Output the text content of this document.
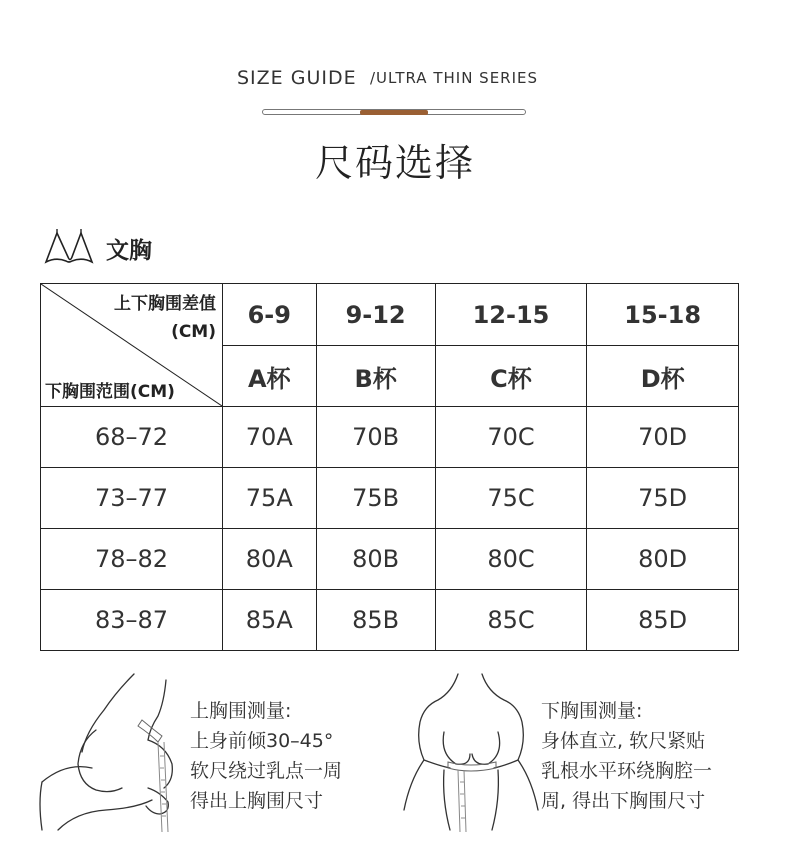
SIZE GUIDE /ULTRA THIN SERIES
尺码选择
文胸
上下胸围差值
(CM)
下胸围范围(CM)	6-9	9-12	12-15	15-18
	A杯	B杯	C杯	D杯
68–72	70A	70B	70C	70D
73–77	75A	75B	75C	75D
78–82	80A	80B	80C	80D
83–87	85A	85B	85C	85D
上胸围测量:
上身前倾30–45°
软尺绕过乳点一周
得出上胸围尺寸
下胸围测量:
身体直立, 软尺紧贴
乳根水平环绕胸腔一
周, 得出下胸围尺寸
